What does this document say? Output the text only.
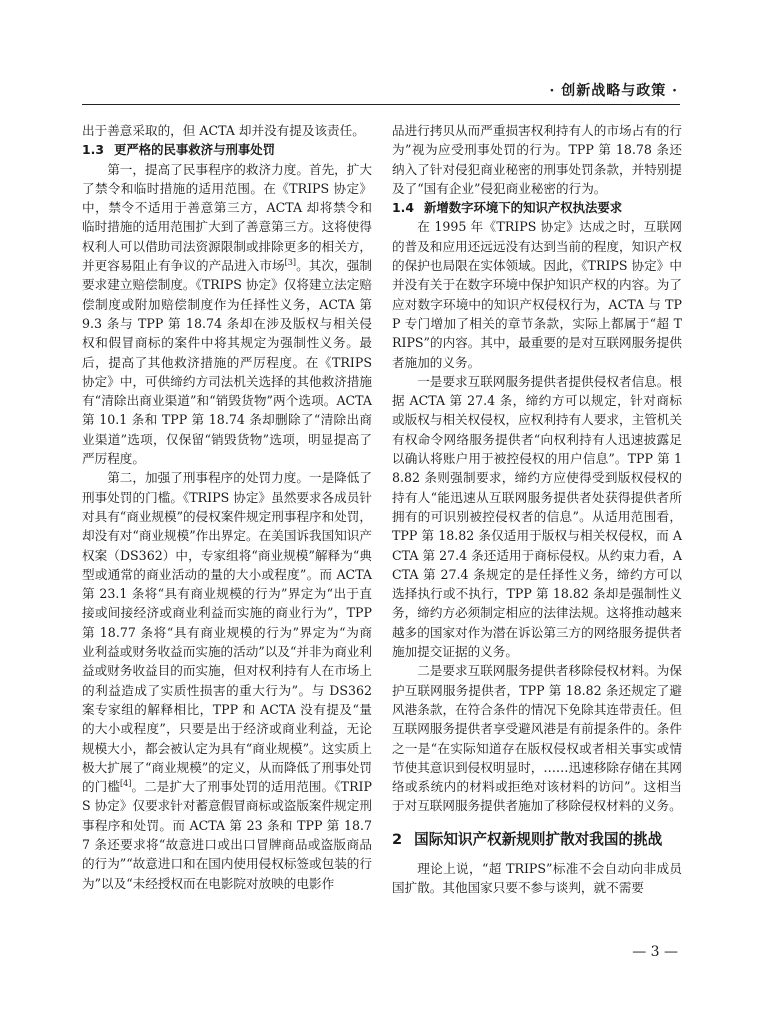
· 创新战略与政策 ·

出于善意采取的，但 ACTA 却并没有提及该责任。

1.3 更严格的民事救济与刑事处罚

第一，提高了民事程序的救济力度。首先，扩大了禁令和临时措施的适用范围。在《TRIPS 协定》中，禁令不适用于善意第三方，ACTA 却将禁令和临时措施的适用范围扩大到了善意第三方。这将使得权利人可以借助司法资源限制或排除更多的相关方，并更容易阻止有争议的产品进入市场[3]。其次，强制要求建立赔偿制度。《TRIPS 协定》仅将建立法定赔偿制度或附加赔偿制度作为任择性义务，ACTA 第 9.3 条与 TPP 第 18.74 条却在涉及版权与相关侵权和假冒商标的案件中将其规定为强制性义务。最后，提高了其他救济措施的严厉程度。在《TRIPS 协定》中，可供缔约方司法机关选择的其他救济措施有“清除出商业渠道”和“销毁货物”两个选项。ACTA 第 10.1 条和 TPP 第 18.74 条却删除了“清除出商业渠道”选项，仅保留“销毁货物”选项，明显提高了严厉程度。

第二，加强了刑事程序的处罚力度。一是降低了刑事处罚的门槛。《TRIPS 协定》虽然要求各成员针对具有“商业规模”的侵权案件规定刑事程序和处罚，却没有对“商业规模”作出界定。在美国诉我国知识产权案（DS362）中，专家组将“商业规模”解释为“典型或通常的商业活动的量的大小或程度”。而 ACTA 第 23.1 条将“具有商业规模的行为”界定为“出于直接或间接经济或商业利益而实施的商业行为”，TPP 第 18.77 条将“具有商业规模的行为”界定为“为商业利益或财务收益而实施的活动”以及“并非为商业利益或财务收益目的而实施，但对权利持有人在市场上的利益造成了实质性损害的重大行为”。与 DS362 案专家组的解释相比，TPP 和 ACTA 没有提及“量的大小或程度”，只要是出于经济或商业利益，无论规模大小，都会被认定为具有“商业规模”。这实质上极大扩展了“商业规模”的定义，从而降低了刑事处罚的门槛[4]。二是扩大了刑事处罚的适用范围。《TRIPS 协定》仅要求针对蓄意假冒商标或盗版案件规定刑事程序和处罚。而 ACTA 第 23 条和 TPP 第 18.77 条还要求将“故意进口或出口冒牌商品或盗版商品的行为”“故意进口和在国内使用侵权标签或包装的行为”以及“未经授权而在电影院对放映的电影作

品进行拷贝从而严重损害权利持有人的市场占有的行为”视为应受刑事处罚的行为。TPP 第 18.78 条还纳入了针对侵犯商业秘密的刑事处罚条款，并特别提及了“国有企业”侵犯商业秘密的行为。

1.4 新增数字环境下的知识产权执法要求

在 1995 年《TRIPS 协定》达成之时，互联网的普及和应用还远远没有达到当前的程度，知识产权的保护也局限在实体领域。因此，《TRIPS 协定》中并没有关于在数字环境中保护知识产权的内容。为了应对数字环境中的知识产权侵权行为，ACTA 与 TPP 专门增加了相关的章节条款，实际上都属于“超 TRIPS”的内容。其中，最重要的是对互联网服务提供者施加的义务。

一是要求互联网服务提供者提供侵权者信息。根据 ACTA 第 27.4 条，缔约方可以规定，针对商标或版权与相关权侵权，应权利持有人要求，主管机关有权命令网络服务提供者“向权利持有人迅速披露足以确认将账户用于被控侵权的用户信息”。TPP 第 18.82 条则强制要求，缔约方应使得受到版权侵权的持有人“能迅速从互联网服务提供者处获得提供者所拥有的可识别被控侵权者的信息”。从适用范围看，TPP 第 18.82 条仅适用于版权与相关权侵权，而 ACTA 第 27.4 条还适用于商标侵权。从约束力看，ACTA 第 27.4 条规定的是任择性义务，缔约方可以选择执行或不执行，TPP 第 18.82 条却是强制性义务，缔约方必须制定相应的法律法规。这将推动越来越多的国家对作为潜在诉讼第三方的网络服务提供者施加提交证据的义务。

二是要求互联网服务提供者移除侵权材料。为保护互联网服务提供者，TPP 第 18.82 条还规定了避风港条款，在符合条件的情况下免除其连带责任。但互联网服务提供者享受避风港是有前提条件的。条件之一是“在实际知道存在版权侵权或者相关事实或情节使其意识到侵权明显时，……迅速移除存储在其网络或系统内的材料或拒绝对该材料的访问”。这相当于对互联网服务提供者施加了移除侵权材料的义务。

2 国际知识产权新规则扩散对我国的挑战

理论上说，“超 TRIPS”标准不会自动向非成员国扩散。其他国家只要不参与谈判，就不需要

— 3 —
